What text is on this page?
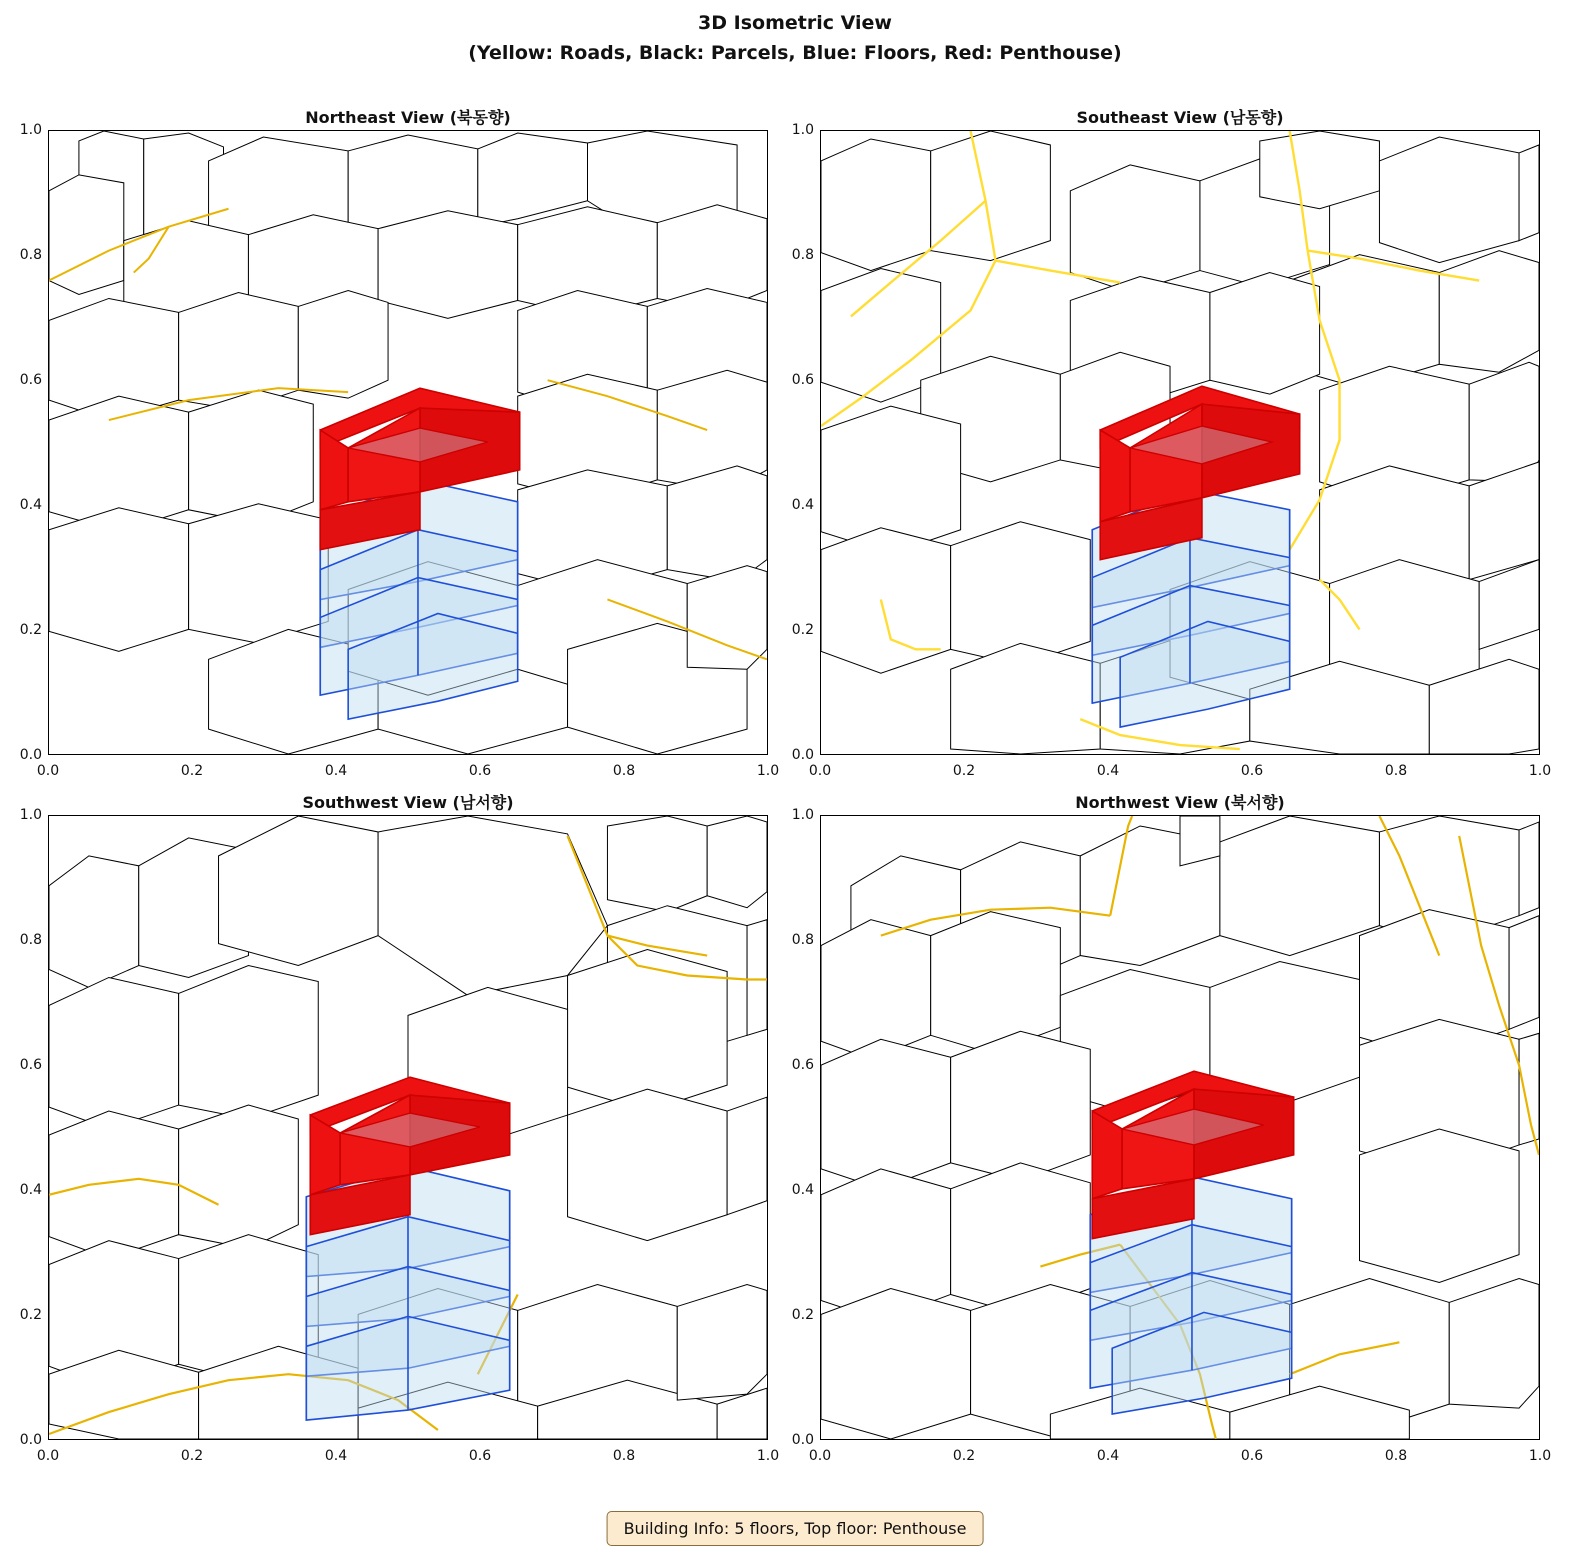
3D Isometric View
(Yellow: Roads, Black: Parcels, Blue: Floors, Red: Penthouse)
Northeast View (북동향)
1.0
0.8
0.6
0.4
0.2
0.0
0.0	0.2	0.4	0.6	0.8	1.0
Southeast View (남동향)
1.0
0.8
0.6
0.4
0.2
0.0
0.0	0.2	0.4	0.6	0.8	1.0
Southwest View (남서향)
1.0
0.8
0.6
0.4
0.2
0.0
0.0	0.2	0.4	0.6	0.8	1.0
Northwest View (북서향)
1.0
0.8
0.6
0.4
0.2
0.0
0.0	0.2	0.4	0.6	0.8	1.0
Building Info: 5 floors, Top floor: Penthouse
